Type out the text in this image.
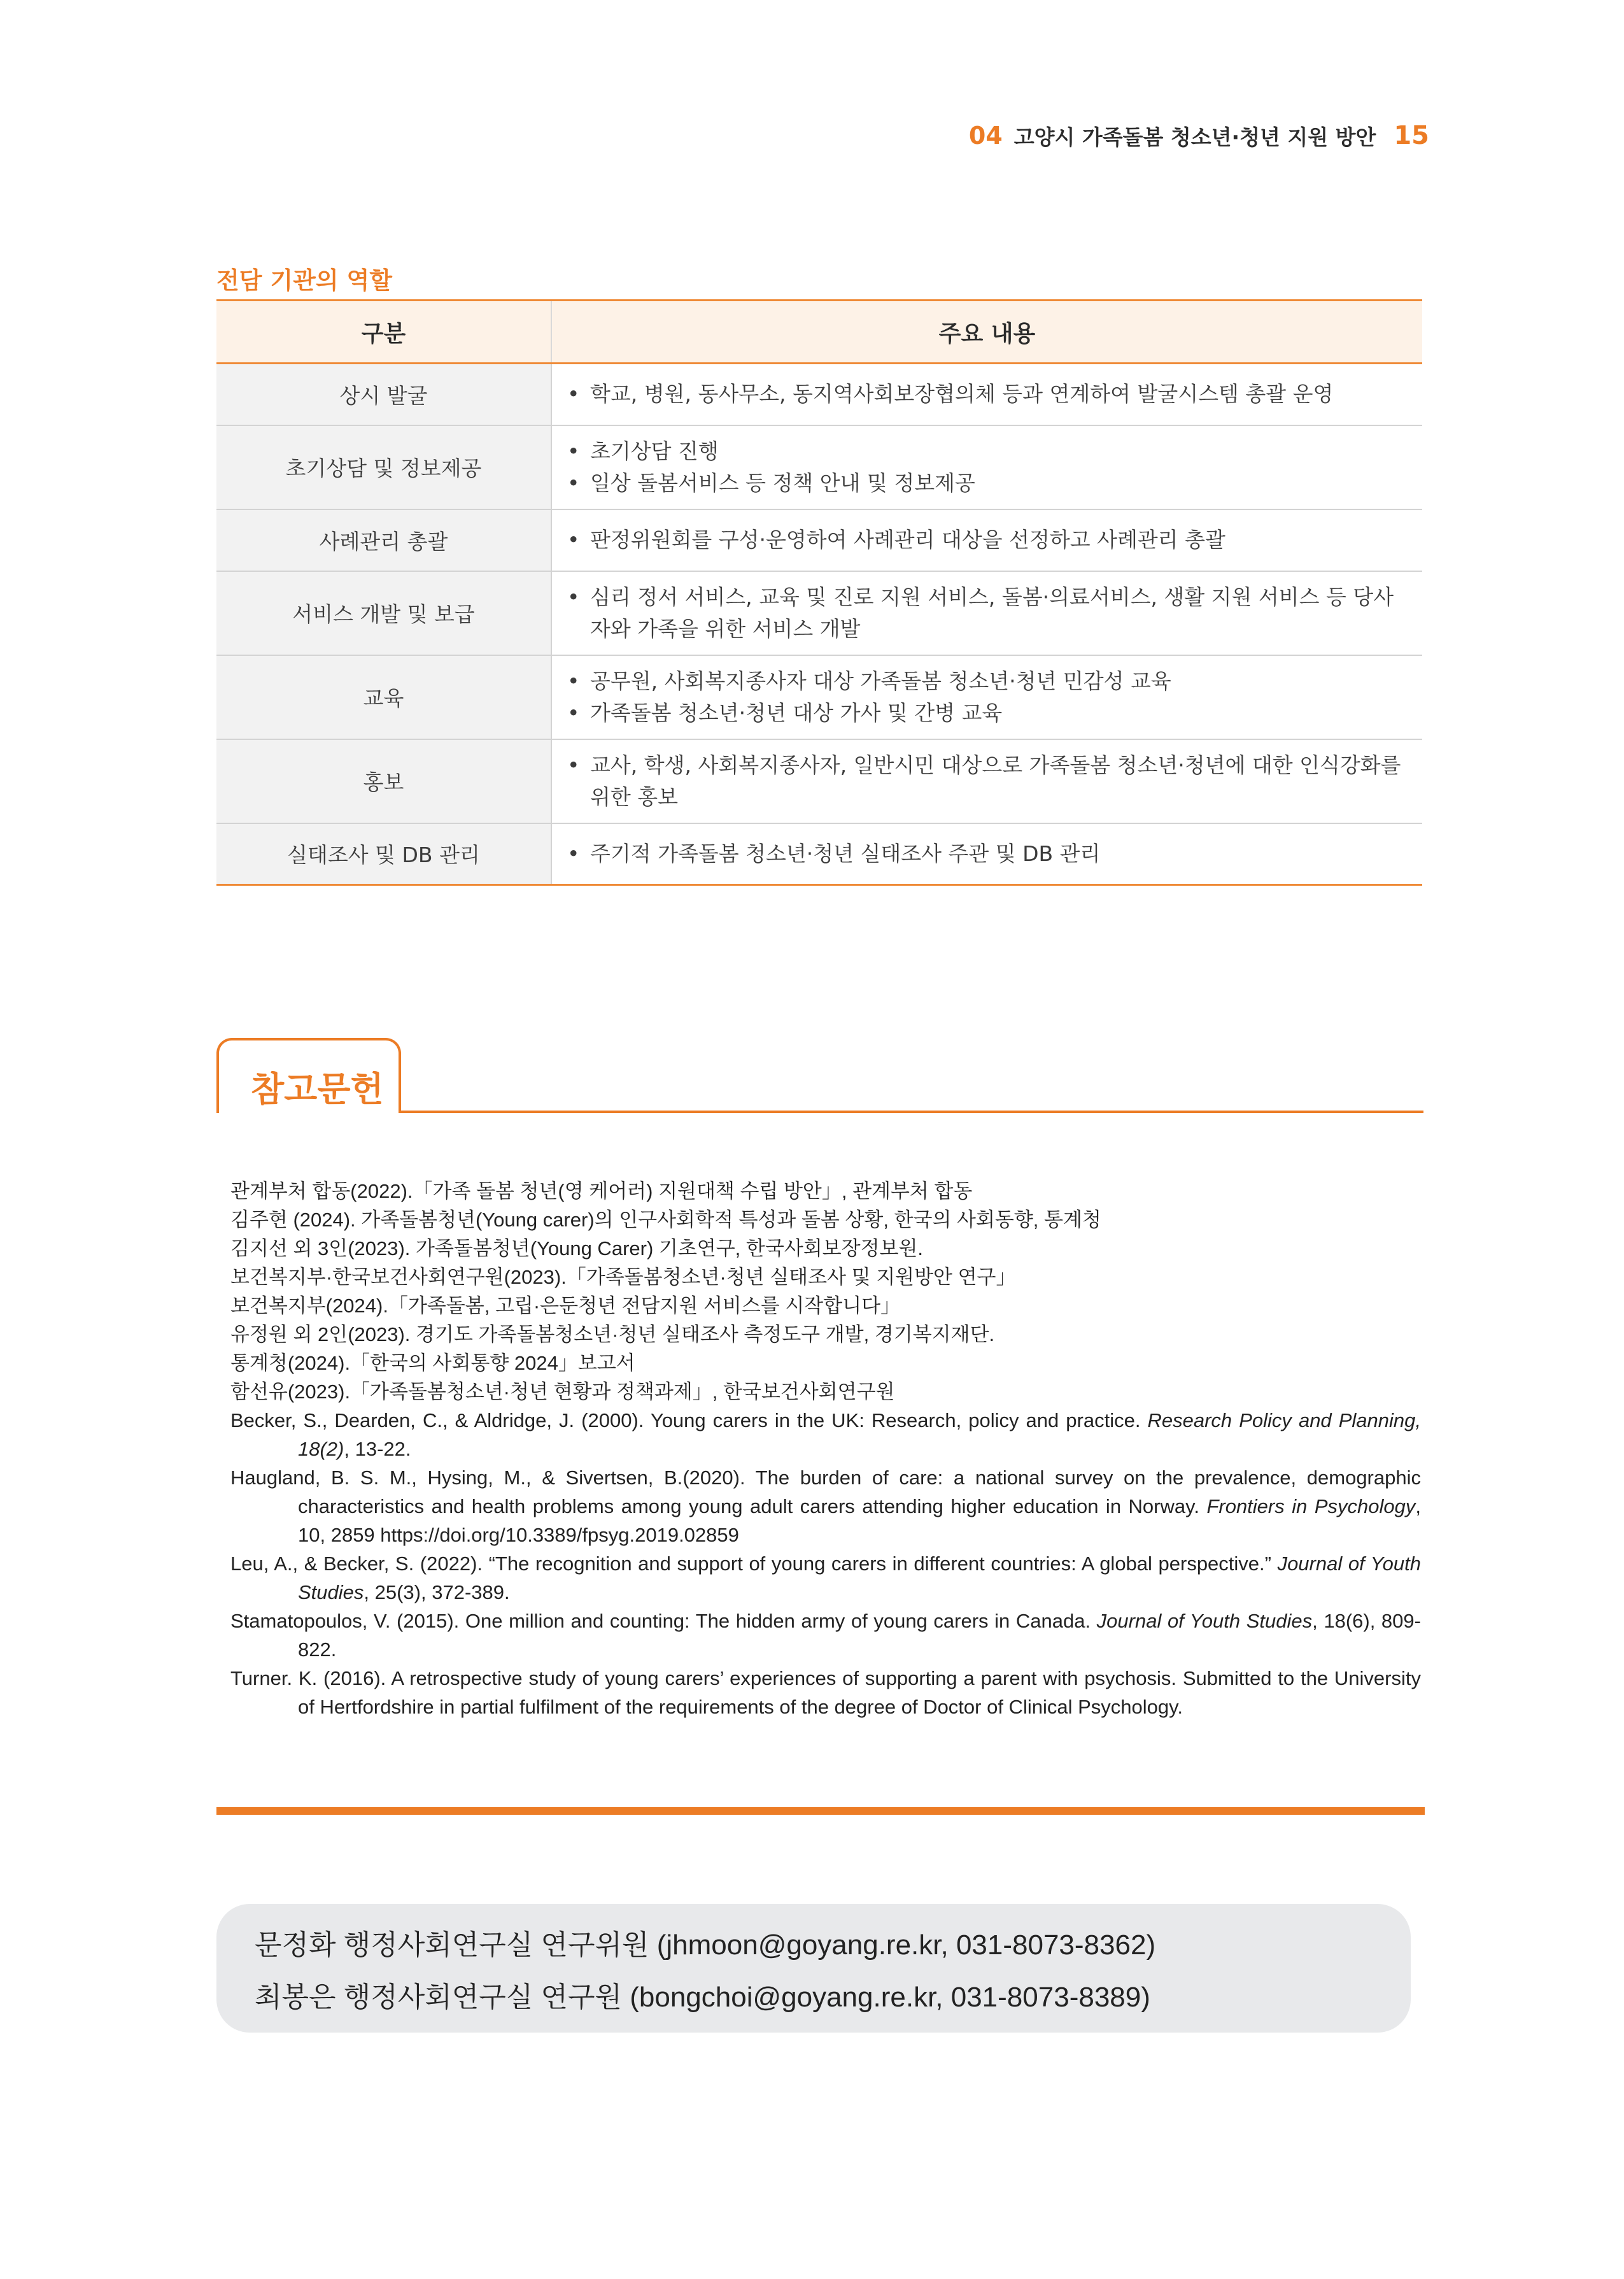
04 고양시 가족돌봄 청소년·청년 지원 방안 15
전담 기관의 역할
구분	주요 내용
상시 발굴	• 학교, 병원, 동사무소, 동지역사회보장협의체 등과 연계하여 발굴시스템 총괄 운영

초기상담 및 정보제공	• 초기상담 진행
• 일상 돌봄서비스 등 정책 안내 및 정보제공

사례관리 총괄	• 판정위원회를 구성·운영하여 사례관리 대상을 선정하고 사례관리 총괄

서비스 개발 및 보급	• 심리 정서 서비스, 교육 및 진로 지원 서비스, 돌봄·의료서비스, 생활 지원 서비스 등 당사자와 가족을 위한 서비스 개발

교육	• 공무원, 사회복지종사자 대상 가족돌봄 청소년·청년 민감성 교육
• 가족돌봄 청소년·청년 대상 가사 및 간병 교육

홍보	• 교사, 학생, 사회복지종사자, 일반시민 대상으로 가족돌봄 청소년·청년에 대한 인식강화를 위한 홍보

실태조사 및 DB 관리	• 주기적 가족돌봄 청소년·청년 실태조사 주관 및 DB 관리
참고문헌

관계부처 합동(2022).「가족 돌봄 청년(영 케어러) 지원대책 수립 방안」, 관계부처 합동

김주현 (2024). 가족돌봄청년(Young carer)의 인구사회학적 특성과 돌봄 상황, 한국의 사회동향, 통계청

김지선 외 3인(2023). 가족돌봄청년(Young Carer) 기초연구, 한국사회보장정보원.

보건복지부·한국보건사회연구원(2023).「가족돌봄청소년·청년 실태조사 및 지원방안 연구」

보건복지부(2024).「가족돌봄, 고립·은둔청년 전담지원 서비스를 시작합니다」

유정원 외 2인(2023). 경기도 가족돌봄청소년·청년 실태조사 측정도구 개발, 경기복지재단.

통계청(2024).「한국의 사회통향 2024」보고서

함선유(2023).「가족돌봄청소년·청년 현황과 정책과제」, 한국보건사회연구원

Becker, S., Dearden, C., & Aldridge, J. (2000). Young carers in the UK: Research, policy and practice. Research Policy and Planning, 18(2), 13-22.

Haugland, B. S. M., Hysing, M., & Sivertsen, B.(2020). The burden of care: a national survey on the prevalence, demographic characteristics and health problems among young adult carers attending higher education in Norway. Frontiers in Psychology, 10, 2859 https://doi.org/10.3389/fpsyg.2019.02859

Leu, A., & Becker, S. (2022). “The recognition and support of young carers in different countries: A global perspective.” Journal of Youth Studies, 25(3), 372-389.

Stamatopoulos, V. (2015). One million and counting: The hidden army of young carers in Canada. Journal of Youth Studies, 18(6), 809-822.

Turner. K. (2016). A retrospective study of young carers’ experiences of supporting a parent with psychosis. Submitted to the University of Hertfordshire in partial fulfilment of the requirements of the degree of Doctor of Clinical Psychology.

문정화 행정사회연구실 연구위원 (jhmoon@goyang.re.kr, 031-8073-8362)
최봉은 행정사회연구실 연구원 (bongchoi@goyang.re.kr, 031-8073-8389)
